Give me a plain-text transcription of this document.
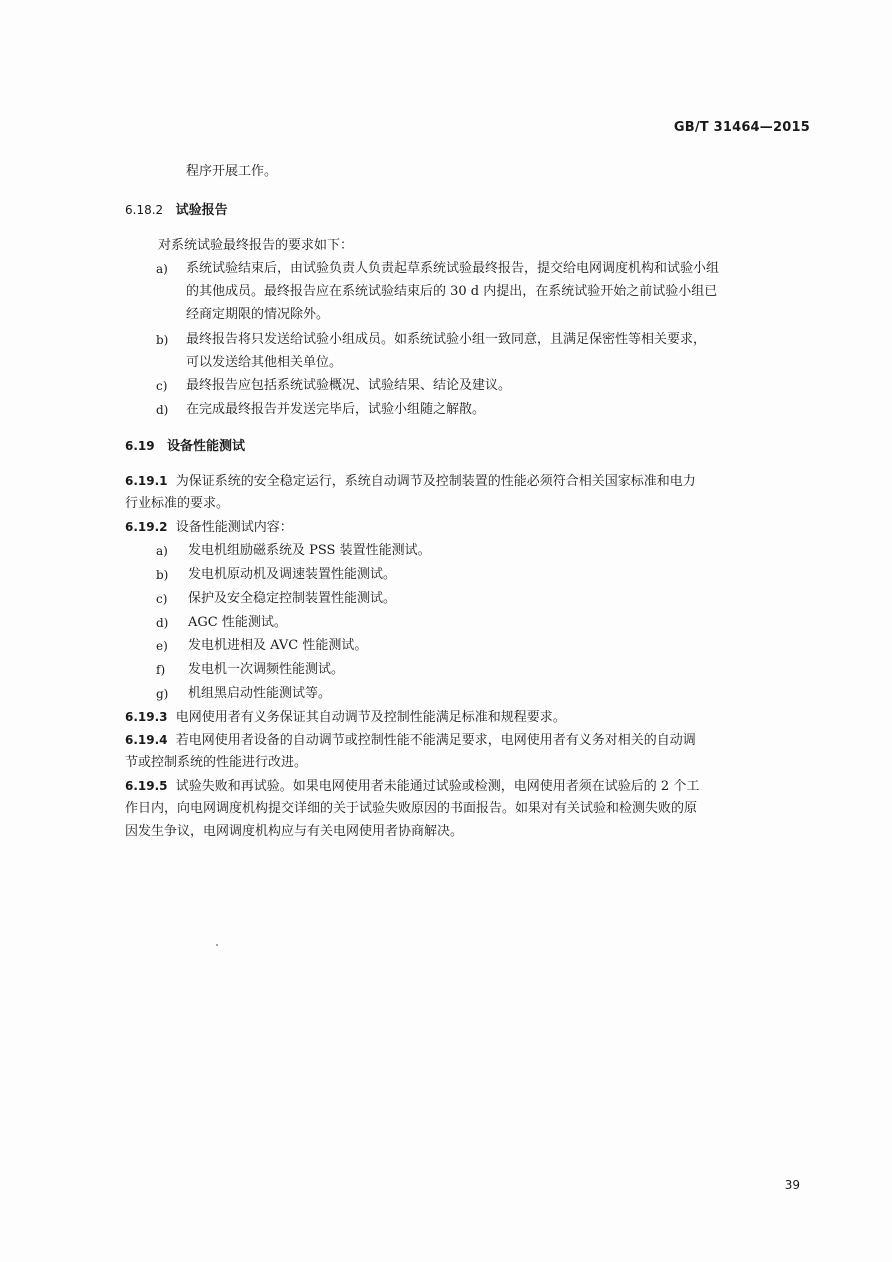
GB/T 31464—2015
程序开展工作。
6.18.2 试验报告
对系统试验最终报告的要求如下：
a) 系统试验结束后，由试验负责人负责起草系统试验最终报告，提交给电网调度机构和试验小组
的其他成员。最终报告应在系统试验结束后的 30 d 内提出，在系统试验开始之前试验小组已
经商定期限的情况除外。
b) 最终报告将只发送给试验小组成员。如系统试验小组一致同意，且满足保密性等相关要求，
可以发送给其他相关单位。
c) 最终报告应包括系统试验概况、试验结果、结论及建议。
d) 在完成最终报告并发送完毕后，试验小组随之解散。
6.19 设备性能测试
6.19.1 为保证系统的安全稳定运行，系统自动调节及控制装置的性能必须符合相关国家标准和电力
行业标准的要求。
6.19.2 设备性能测试内容：
a) 发电机组励磁系统及 PSS 装置性能测试。
b) 发电机原动机及调速装置性能测试。
c) 保护及安全稳定控制装置性能测试。
d) AGC 性能测试。
e) 发电机进相及 AVC 性能测试。
f) 发电机一次调频性能测试。
g) 机组黑启动性能测试等。
6.19.3 电网使用者有义务保证其自动调节及控制性能满足标准和规程要求。
6.19.4 若电网使用者设备的自动调节或控制性能不能满足要求，电网使用者有义务对相关的自动调
节或控制系统的性能进行改进。
6.19.5 试验失败和再试验。如果电网使用者未能通过试验或检测，电网使用者须在试验后的 2 个工
作日内，向电网调度机构提交详细的关于试验失败原因的书面报告。如果对有关试验和检测失败的原
因发生争议，电网调度机构应与有关电网使用者协商解决。
39
